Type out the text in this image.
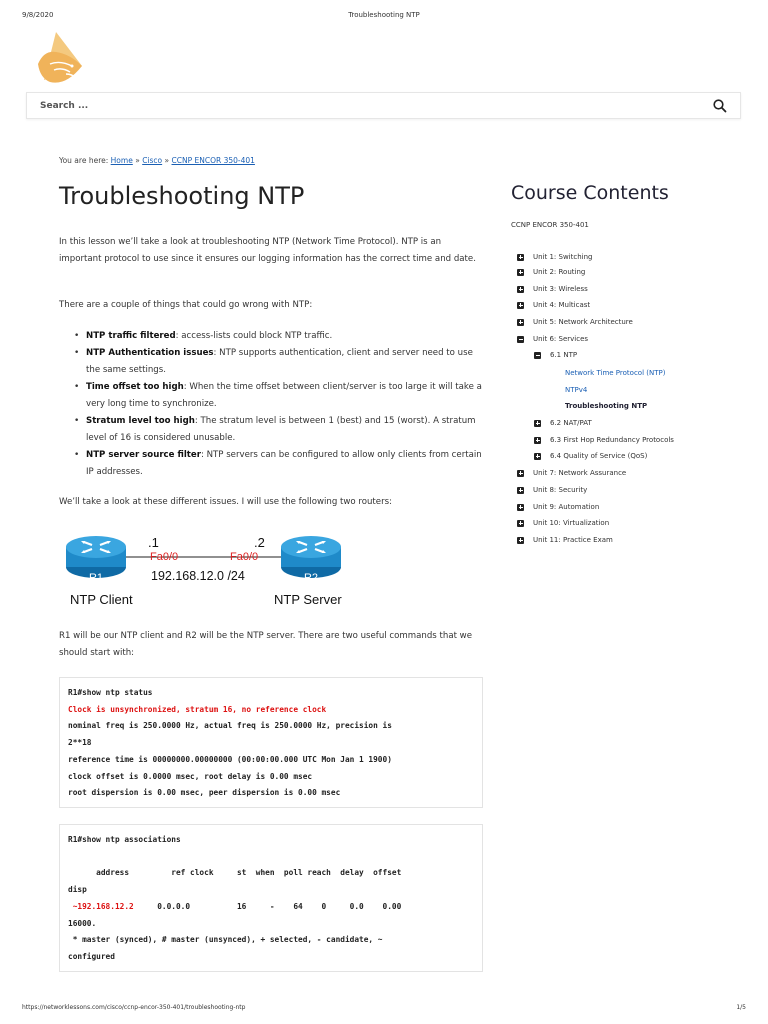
9/8/2020	Troubleshooting NTP
Search ...
You are here: Home » Cisco » CCNP ENCOR 350-401
Troubleshooting NTP

In this lesson we’ll take a look at troubleshooting NTP (Network Time Protocol). NTP is an important protocol to use since it ensures our logging information has the correct time and date.

There are a couple of things that could go wrong with NTP:

• NTP traffic filtered: access-lists could block NTP traffic.
• NTP Authentication issues: NTP supports authentication, client and server need to use the same settings.
• Time offset too high: When the time offset between client/server is too large it will take a very long time to synchronize.
• Stratum level too high: The stratum level is between 1 (best) and 15 (worst). A stratum level of 16 is considered unusable.
• NTP server source filter: NTP servers can be configured to allow only clients from certain IP addresses.

We’ll take a look at these different issues. I will use the following two routers:

R1	R2
.1	.2
Fa0/0	Fa0/0
192.168.12.0 /24
NTP Client	NTP Server

R1 will be our NTP client and R2 will be the NTP server. There are two useful commands that we should start with:

R1#show ntp status
Clock is unsynchronized, stratum 16, no reference clock
nominal freq is 250.0000 Hz, actual freq is 250.0000 Hz, precision is
2**18
reference time is 00000000.00000000 (00:00:00.000 UTC Mon Jan 1 1900)
clock offset is 0.0000 msec, root delay is 0.00 msec
root dispersion is 0.00 msec, peer dispersion is 0.00 msec
R1#show ntp associations

address         ref clock     st  when  poll reach  delay  offset
disp
~192.168.12.2     0.0.0.0          16     -    64    0     0.0    0.00
16000.
* master (synced), # master (unsynced), + selected, - candidate, ~
configured
Course Contents
CCNP ENCOR 350-401
Unit 1: Switching
Unit 2: Routing
Unit 3: Wireless
Unit 4: Multicast
Unit 5: Network Architecture
Unit 6: Services
6.1 NTP
Network Time Protocol (NTP)
NTPv4
Troubleshooting NTP
6.2 NAT/PAT
6.3 First Hop Redundancy Protocols
6.4 Quality of Service (QoS)
Unit 7: Network Assurance
Unit 8: Security
Unit 9: Automation
Unit 10: Virtualization
Unit 11: Practice Exam
https://networklessons.com/cisco/ccnp-encor-350-401/troubleshooting-ntp	1/5
